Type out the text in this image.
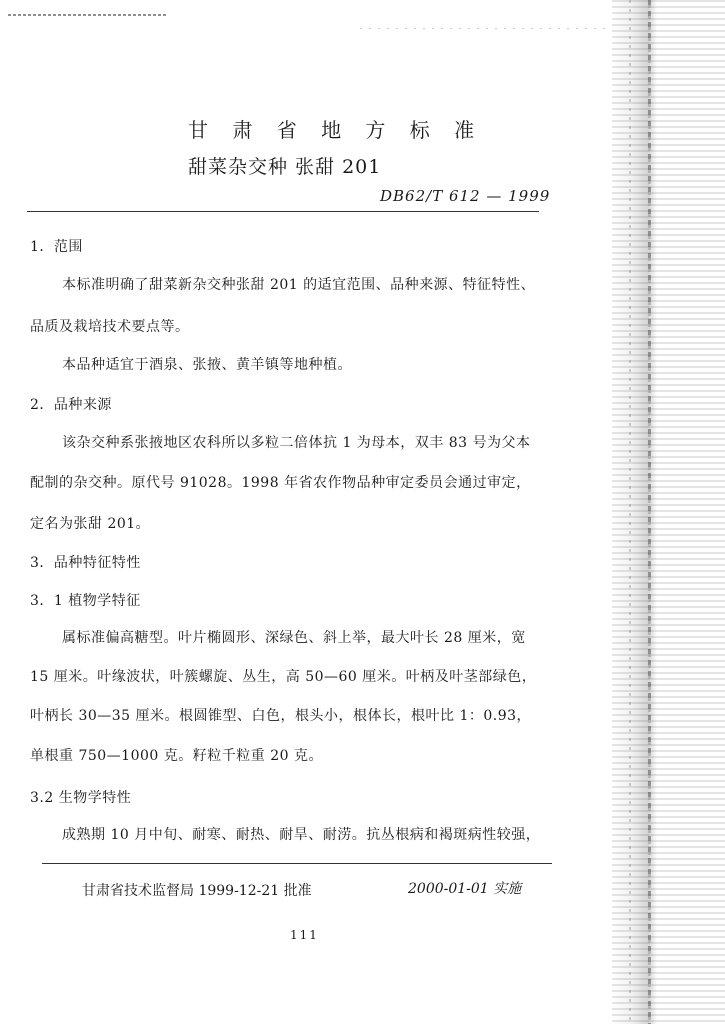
甘 肃 省 地 方 标 准
甜菜杂交种 张甜 201
DB62/T 612 — 1999
1．范围
本标准明确了甜菜新杂交种张甜 201 的适宜范围、品种来源、特征特性、
品质及栽培技术要点等。
本品种适宜于酒泉、张掖、黄羊镇等地种植。
2．品种来源
该杂交种系张掖地区农科所以多粒二倍体抗 1 为母本，双丰 83 号为父本
配制的杂交种。原代号 91028。1998 年省农作物品种审定委员会通过审定，
定名为张甜 201。
3．品种特征特性
3．1 植物学特征
属标准偏高糖型。叶片椭圆形、深绿色、斜上举，最大叶长 28 厘米，宽
15 厘米。叶缘波状，叶簇螺旋、丛生，高 50—60 厘米。叶柄及叶茎部绿色，
叶柄长 30—35 厘米。根圆锥型、白色，根头小，根体长，根叶比 1：0.93，
单根重 750—1000 克。籽粒千粒重 20 克。
3.2 生物学特性
成熟期 10 月中旬、耐寒、耐热、耐旱、耐涝。抗丛根病和褐斑病性较强，
甘肃省技术监督局 1999-12-21 批准	2000-01-01 实施
111
